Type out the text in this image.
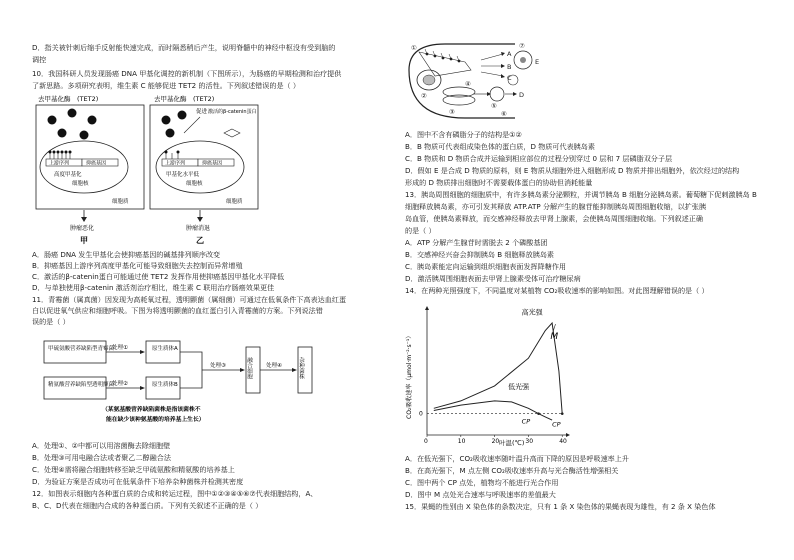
D．指关被针刺后缩手反射能快速完成，而时隔悉稍后产生，说明脊髓中的神经中枢没有受到脑的
调控
10．我国科研人员发现肠癌 DNA 甲基化调控的新机制（下图所示），为肠癌的早期检测和治疗提供
了新思路。多项研究表明，维生素 C 能够促进 TET2 的活性。下列叙述错误的是（ ）
去甲基化酶　(TET2)	去甲基化酶　(TET2)
上游序列	抑癌基因
高度甲基化
细胞核
细胞质
肿瘤恶化
甲
促进 激活的β-catenin蛋白
上游序列	抑癌基因
甲基化水平低
细胞核
细胞质
肿瘤消退
乙
A．肠癌 DNA 发生甲基化会使抑癌基因的碱基排列顺序改变
B．抑癌基因上游序列高度甲基化可能导致细胞失去控制而异常增殖
C．激活的β-catenin蛋白可能通过使 TET2 发挥作用使抑癌基因甲基化水平降低
D．与单独使用β-catenin 激活剂治疗相比，维生素 C 联用治疗肠癌效果更佳
11．青霉菌（属真菌）因发现为高耗氧过程，透明颤菌（属细菌）可通过在低氧条件下高表达血红蛋
白以促进氧气供应和细胞呼吸。下图为将透明颤菌的血红蛋白引入青霉菌的方案。下列说法错
误的是（ ）
甲硫氨酸营养缺陷型青霉菌
精氨酸营养缺陷型透明颤菌
处理①
处理②
原生质体A
原生质体B
处理③	融合细胞	处理④	杂种菌株
（某氨基酸营养缺陷菌株是指该菌株不
能在缺少该种氨基酸的培养基上生长）
A．处理①、②中都可以用溶菌酶去除细胞壁
B．处理③可用电融合法或者聚乙二醇融合法
C．处理④需将融合细胞转移至缺乏甲硫氨酸和精氨酸的培养基上
D．为验证方案是否成功可在低氧条件下培养杂种菌株并检测其密度
12．如图表示细胞内各种蛋白质的合成和转运过程，图中①②③④⑤⑥⑦代表细胞结构，A、
B、C、D代表在细胞内合成的各种蛋白质。下列有关叙述不正确的是（ ）
A
B
C
D
E
①
②
③
④
⑤
⑥
⑦
A．图中不含有磷脂分子的结构是①②
B．B 物质可代表组成染色体的蛋白质，D 物质可代表胰岛素
C．B 物质和 D 物质合成并运输到相应部位的过程分别穿过 0 层和 7 层磷脂双分子层
D．假如 E 是合成 D 物质的原料，则 E 物质从细胞外进入细胞形成 D 物质并排出细胞外，依次经过的结构
形成的 D 物质排出细胞时不需要载体蛋白的协助但消耗能量
13．胰岛周围细胞的细胞质中，有许多胰岛素分泌颗粒，并调节胰岛 B 细胞分泌胰岛素。葡萄糖下促刺激胰岛 B
细胞释放胰岛素，亦可引发其释放 ATP.ATP 分解产生的腺苷能抑制胰岛周围细胞收缩，以扩张胰
岛血管，使胰岛素释放，而交感神经释放去甲肾上腺素，会使胰岛周围细胞收缩。下列叙述正确
的是（ ）
A．ATP 分解产生腺苷时需脱去 2 个磷酸基团
B．交感神经兴奋会抑制胰岛 B 细胞释放胰岛素
C．胰岛素能定向运输到组织细胞表面发挥降糖作用
D．激活胰周围细胞表面去甲肾上腺素受体可治疗糖尿病
14．在两种光照强度下，不同温度对某植物 CO₂吸收速率的影响如图。对此图理解错误的是（ ）
CO₂吸收速率（μmol·m⁻²·s⁻¹）
叶温(℃)
0	10	20	30	40
0
高光强
低光强
M
CP	CP
A．在低光强下，CO₂吸收速率随叶温升高而下降的原因是呼吸速率上升
B．在高光强下，M 点左侧 CO₂吸收速率升高与光合酶活性增强相关
C．图中两个 CP 点处，植物均不能进行光合作用
D．图中 M 点处光合速率与呼吸速率的差值最大
15．果蝇的性别由 X 染色体的条数决定，只有 1 条 X 染色体的果蝇表现为雄性，有 2 条 X 染色体
